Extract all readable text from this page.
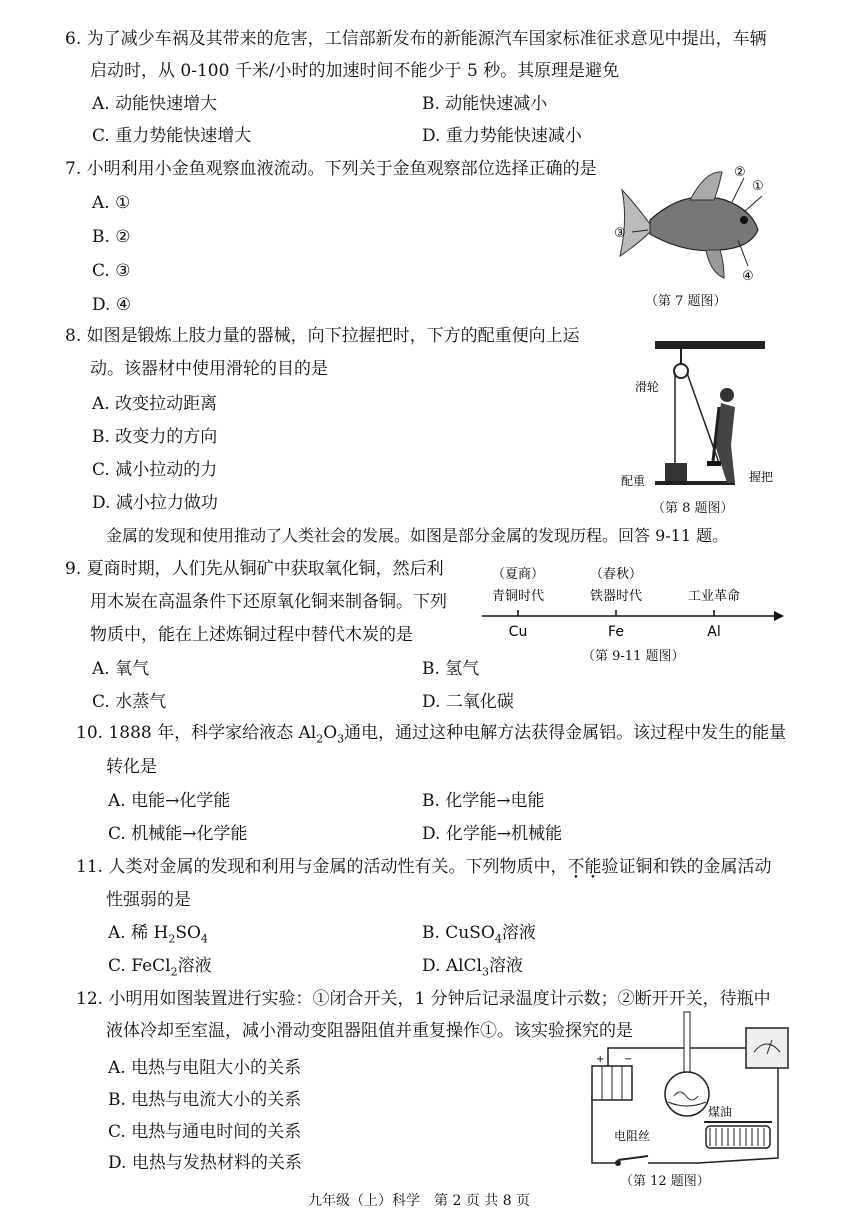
6. 为了减少车祸及其带来的危害，工信部新发布的新能源汽车国家标准征求意见中提出，车辆
启动时，从 0-100 千米/小时的加速时间不能少于 5 秒。其原理是避免
A. 动能快速增大	B. 动能快速减小
C. 重力势能快速增大	D. 重力势能快速减小
7. 小明利用小金鱼观察血液流动。下列关于金鱼观察部位选择正确的是
A. ①
B. ②
C. ③
D. ④
①
②
③
④
（第 7 题图）
8. 如图是锻炼上肢力量的器械，向下拉握把时，下方的配重便向上运
动。该器材中使用滑轮的目的是
A. 改变拉动距离
B. 改变力的方向
C. 减小拉动的力
D. 减小拉力做功
滑轮
配重	握把
（第 8 题图）
金属的发现和使用推动了人类社会的发展。如图是部分金属的发现历程。回答 9-11 题。
9. 夏商时期，人们先从铜矿中获取氧化铜，然后利
用木炭在高温条件下还原氧化铜来制备铜。下列
物质中，能在上述炼铜过程中替代木炭的是
A. 氧气	B. 氢气
C. 水蒸气	D. 二氧化碳
（夏商）
青铜时代
Cu
（春秋）
铁器时代
Fe
工业革命
Al
（第 9-11 题图）
10. 1888 年，科学家给液态 $Al_2O_3$通电，通过这种电解方法获得金属铝。该过程中发生的能量
转化是
A. 电能→化学能	B. 化学能→电能
C. 机械能→化学能	D. 化学能→机械能
11. 人类对金属的发现和利用与金属的活动性有关。下列物质中，不能验证铜和铁的金属活动
性强弱的是
A. 稀 $H_2SO_4$	B. CuSO$_4$溶液
C. FeCl$_2$溶液	D. AlCl$_3$溶液
12. 小明用如图装置进行实验：①闭合开关，1 分钟后记录温度计示数；②断开开关，待瓶中
液体冷却至室温，减小滑动变阻器阻值并重复操作①。该实验探究的是
A. 电热与电阻大小的关系
B. 电热与电流大小的关系
C. 电热与通电时间的关系
D. 电热与发热材料的关系
+ −
电阻丝
煤油
（第 12 题图）
九年级（上）科学　第 2 页 共 8 页
